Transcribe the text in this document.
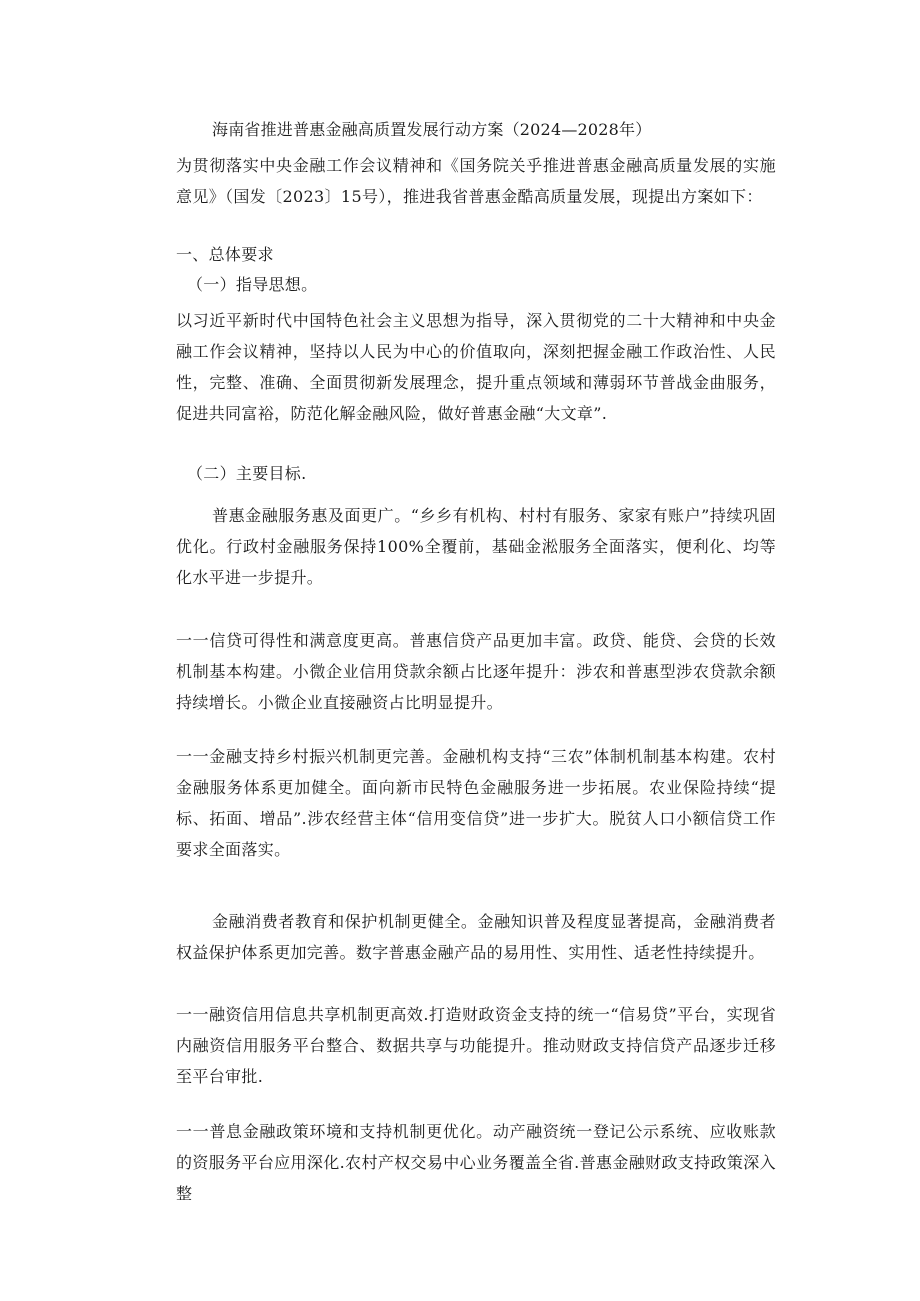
海南省推进普惠金融高质置发展行动方案（2024—2028年）
为贯彻落实中央金融工作会议精神和《国务院关乎推进普惠金融高质量发展的实施意见》（国发〔2023〕15号），推进我省普惠金酷高质量发展，现提出方案如下：
一、总体要求
（一）指导思想。
以习近平新时代中国特色社会主义思想为指导，深入贯彻党的二十大精神和中央金融工作会议精神，坚持以人民为中心的价值取向，深刻把握金融工作政治性、人民性，完整、准确、全面贯彻新发展理念，提升重点领域和薄弱环节普战金曲服务，促进共同富裕，防范化解金融风险，做好普惠金融“大文章”.
（二）主要目标.
普惠金融服务惠及面更广。“乡乡有机构、村村有服务、家家有账户”持续巩固优化。行政村金融服务保持100%全覆前，基础金淞服务全面落实，便利化、均等化水平进一步提升。
一一信贷可得性和满意度更高。普惠信贷产品更加丰富。政贷、能贷、会贷的长效机制基本构建。小微企业信用贷款余额占比逐年提升：涉农和普惠型涉农贷款余额持续增长。小微企业直接融资占比明显提升。
一一金融支持乡村振兴机制更完善。金融机构支持“三农”体制机制基本构建。农村金融服务体系更加健全。面向新市民特色金融服务进一步拓展。农业保险持续“提标、拓面、增品”.涉农经营主体“信用变信贷”进一步扩大。脱贫人口小额信贷工作要求全面落实。
金融消费者教育和保护机制更健全。金融知识普及程度显著提高，金融消费者权益保护体系更加完善。数字普惠金融产品的易用性、实用性、适老性持续提升。
一一融资信用信息共享机制更高效.打造财政资金支持的统一“信易贷”平台，实现省内融资信用服务平台整合、数据共享与功能提升。推动财政支持信贷产品逐步迁移至平台审批.
一一普息金融政策环境和支持机制更优化。动产融资统一登记公示系统、应收账款的资服务平台应用深化.农村产权交易中心业务覆盖全省.普惠金融财政支持政策深入整
